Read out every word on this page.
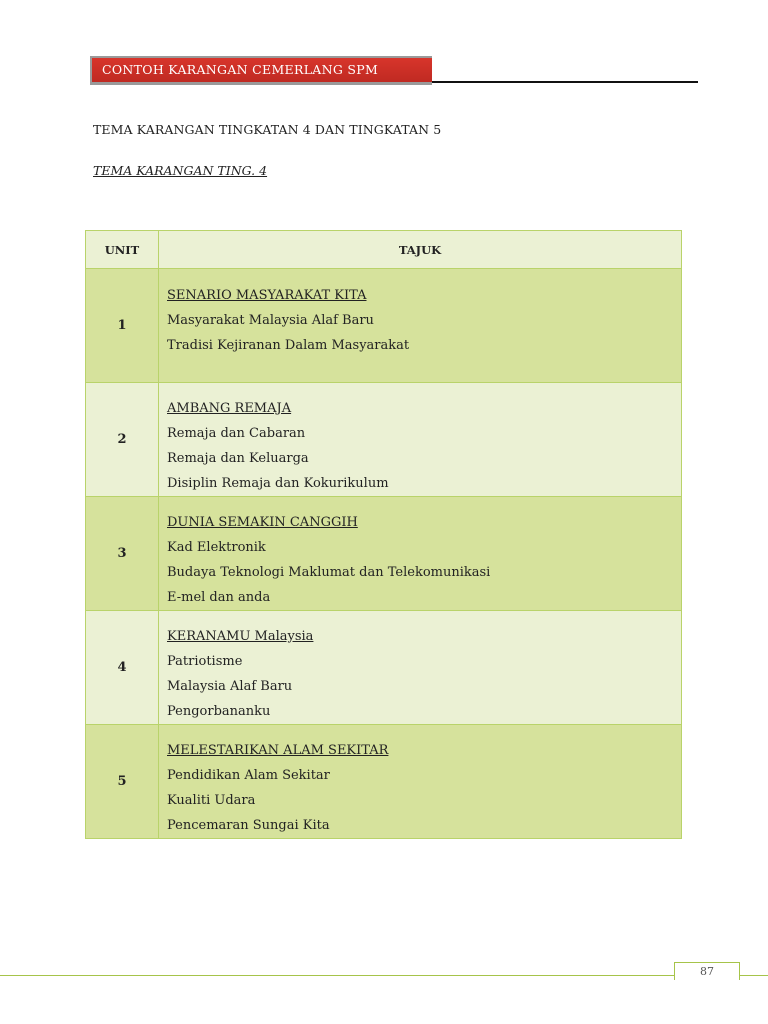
CONTOH KARANGAN CEMERLANG SPM
TEMA KARANGAN TINGKATAN 4 DAN TINGKATAN 5
TEMA KARANGAN TING. 4
UNIT	TAJUK
1	SENARIO MASYARAKAT KITA
Masyarakat Malaysia Alaf Baru
Tradisi Kejiranan Dalam Masyarakat

2	AMBANG REMAJA
Remaja dan Cabaran
Remaja dan Keluarga
Disiplin Remaja dan Kokurikulum

3	DUNIA SEMAKIN CANGGIH
Kad Elektronik
Budaya Teknologi Maklumat dan Telekomunikasi
E-mel dan anda

4	KERANAMU Malaysia
Patriotisme
Malaysia Alaf Baru
Pengorbananku

5	MELESTARIKAN ALAM SEKITAR
Pendidikan Alam Sekitar
Kualiti Udara
Pencemaran Sungai Kita
87
